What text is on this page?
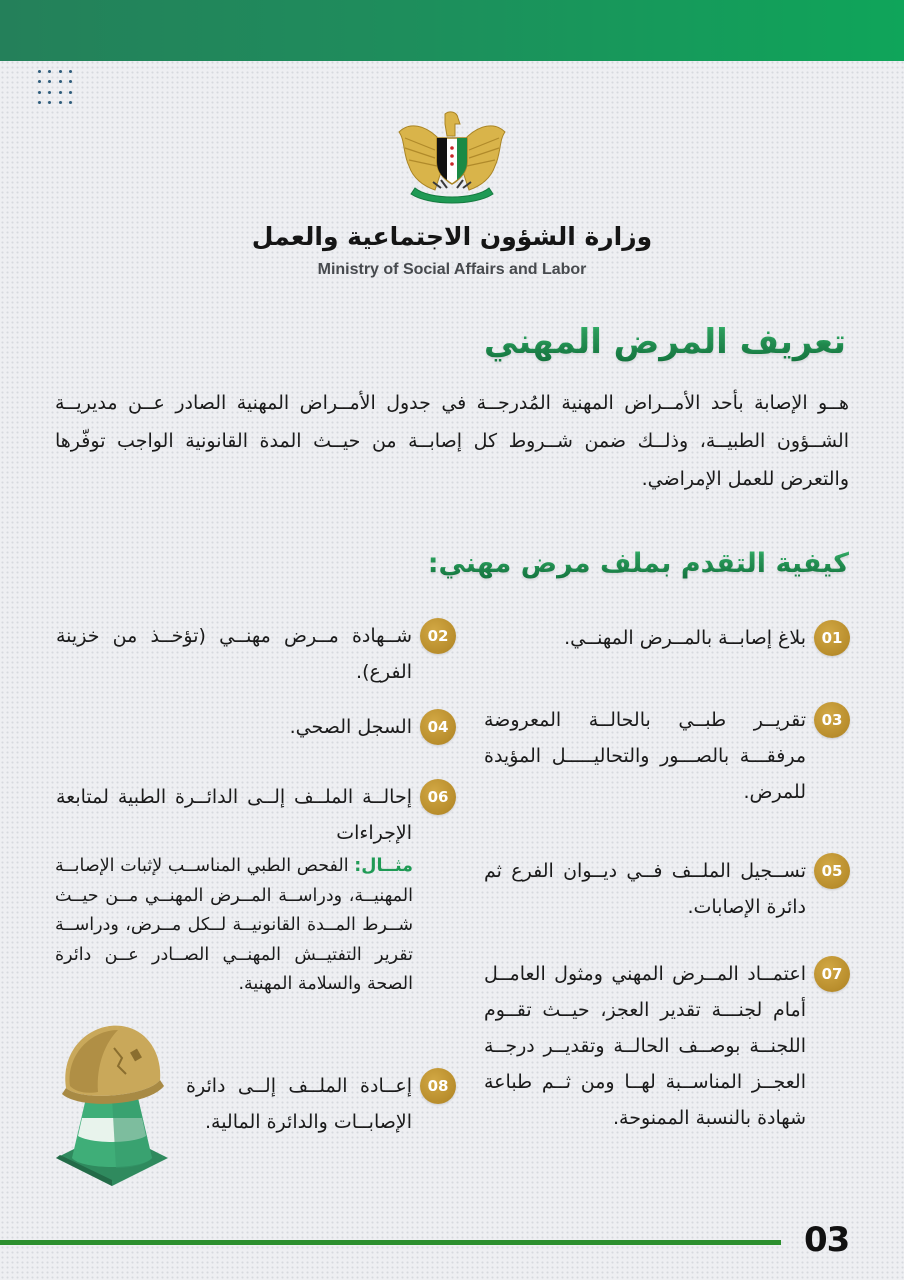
وزارة الشؤون الاجتماعية والعمل
Ministry of Social Affairs and Labor
تعريف المرض المهني
هــو الإصابة بأحد الأمــراض المهنية المُدرجــة في جدول الأمــراض المهنية الصادر عــن مديريــة الشــؤون الطبيــة، وذلــك ضمن شــروط كل إصابــة من حيــث المدة القانونية الواجب توفّرها والتعرض للعمل الإمراضي.
كيفية التقدم بملف مرض مهني:
01
بلاغ إصابــة بالمــرض المهنــي.
03
تقريــر طبــي بالحالــة المعروضة مرفقـــة بالصـــور والتحاليـــــل المؤيدة للمرض.
05
تســجيل الملــف فــي ديــوان الفرع ثم دائرة الإصابات.
07
اعتمــاد المــرض المهني ومثول العامــل أمام لجنـــة تقدير العجز، حيــث تقــوم اللجنــة بوصــف الحالــة وتقديــر درجــة العجــز المناســبة لهــا ومن ثــم طباعة شهادة بالنسبة الممنوحة.
02
شــهادة مــرض مهنــي (تؤخــذ من خزينة الفرع).
04
السجل الصحي.
06
إحالــة الملــف إلــى الدائــرة الطبية لمتابعة الإجراءات
مثــال: الفحص الطبي المناســب لإثبات الإصابــة المهنيــة، ودراســة المــرض المهنــي مــن حيــث شــرط المــدة القانونيــة لــكل مــرض، ودراســة تقرير التفتيــش المهنــي الصــادر عــن دائرة الصحة والسلامة المهنية.
08
إعــادة الملــف إلــى دائرة الإصابــات والدائرة المالية.
03
